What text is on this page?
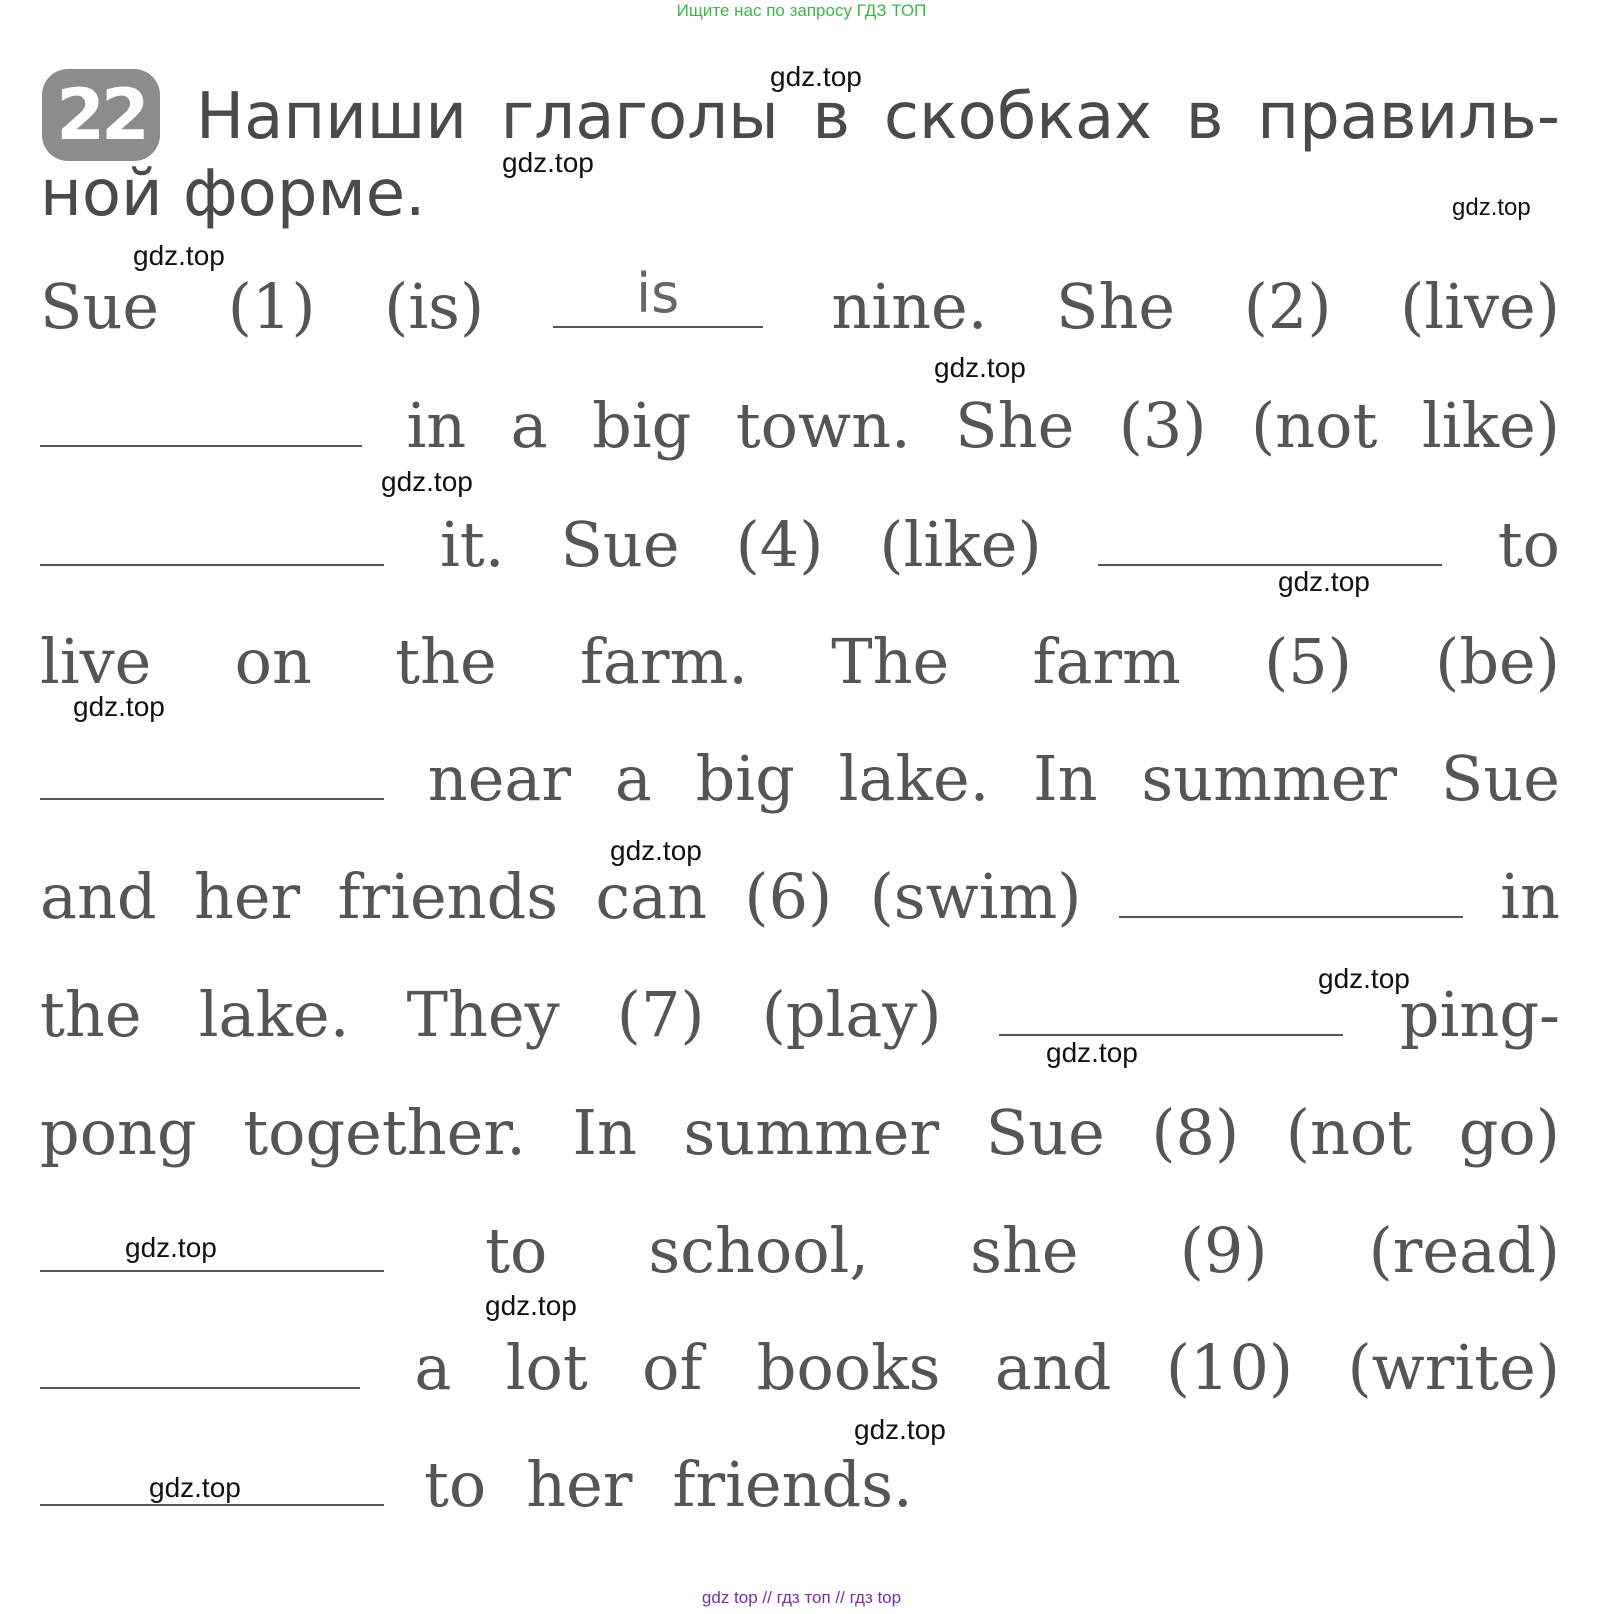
Ищите нас по запросу ГДЗ ТОП
22 Напиши глаголы в скобках в правиль-
ной форме.
Sue (1) (is)	is	nine. She (2) (live)
in a big town. She (3) (not like)
it. Sue (4) (like)	to
live on the farm. The farm (5) (be)
near a big lake. In summer Sue
and her friends can (6) (swim)	in
the lake. They (7) (play)	ping-
pong together. In summer Sue (8) (not go)
to school, she (9) (read)
a lot of books and (10) (write)
to her friends.
gdz.top
gdz.top
gdz.top
gdz.top
gdz.top
gdz.top
gdz.top
gdz.top
gdz.top
gdz.top
gdz.top
gdz.top
gdz.top
gdz.top
gdz.top
gdz top // гдз топ // гдз top
